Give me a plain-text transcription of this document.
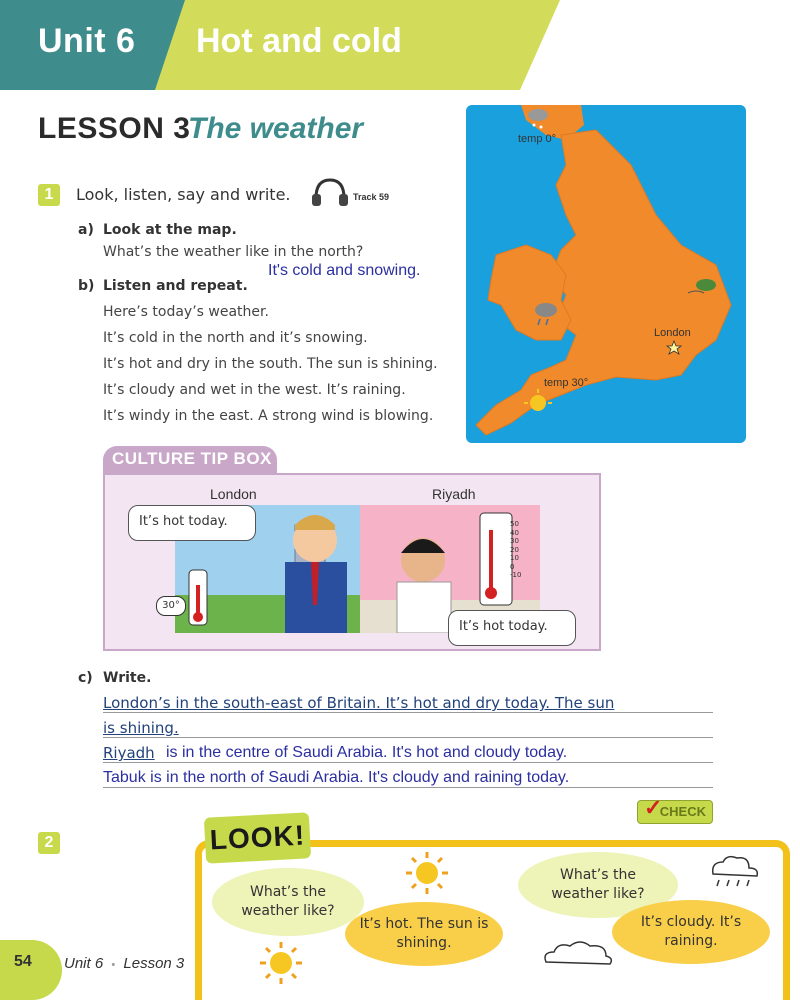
Unit 6 Hot and cold
LESSON 3
The weather
1	Look, listen, say and write.	Track 59
a) Look at the map.
What’s the weather like in the north?
It's cold and snowing.
b) Listen and repeat.
Here’s today’s weather.
It’s cold in the north and it’s snowing.
It’s hot and dry in the south. The sun is shining.
It’s cloudy and wet in the west. It’s raining.
It’s windy in the east. A strong wind is blowing.
temp 0°
temp 30°
London
CULTURE TIP BOX
London	Riyadh
30°
50
40
30
20
10
0
-10
It’s hot today.
It’s hot today.
c) Write.
London’s in the south-east of Britain. It’s hot and dry today. The sun
is shining.
Riyadh is in the centre of Saudi Arabia. It's hot and cloudy today.
Tabuk is in the north of Saudi Arabia. It's cloudy and raining today.
✓
CHECK
2	LOOK!
What’s the weather like?
It’s hot. The sun is shining.
What’s the weather like?
It’s cloudy. It’s raining.
54 Unit 6 • Lesson 3
